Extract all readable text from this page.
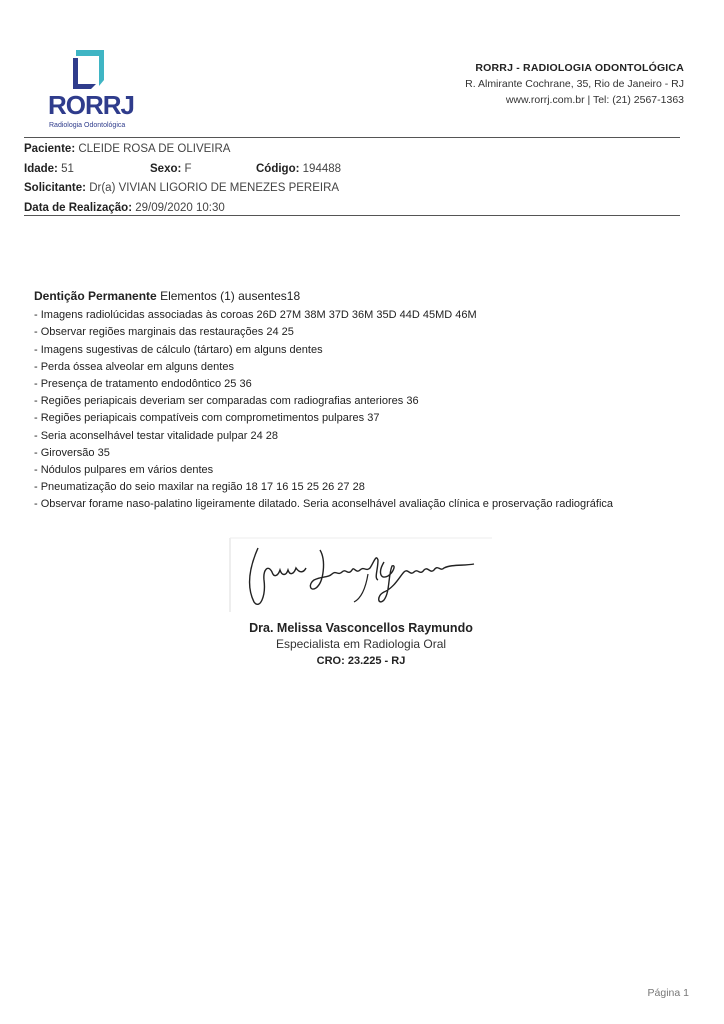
RORRJ
Radiologia Odontológica
RORRJ - RADIOLOGIA ODONTOLÓGICA
R. Almirante Cochrane, 35, Rio de Janeiro - RJ
www.rorrj.com.br | Tel: (21) 2567-1363
Paciente: CLEIDE ROSA DE OLIVEIRA
Idade: 51	Sexo: F	Código: 194488
Solicitante: Dr(a) VIVIAN LIGORIO DE MENEZES PEREIRA
Data de Realização: 29/09/2020 10:30
Dentição Permanente Elementos (1) ausentes18
- Imagens radiolúcidas associadas às coroas 26D 27M 38M 37D 36M 35D 44D 45MD 46M
- Observar regiões marginais das restaurações 24 25
- Imagens sugestivas de cálculo (tártaro) em alguns dentes
- Perda óssea alveolar em alguns dentes
- Presença de tratamento endodôntico 25 36
- Regiões periapicais deveriam ser comparadas com radiografias anteriores 36
- Regiões periapicais compatíveis com comprometimentos pulpares 37
- Seria aconselhável testar vitalidade pulpar 24 28
- Giroversão 35
- Nódulos pulpares em vários dentes
- Pneumatização do seio maxilar na região 18 17 16 15 25 26 27 28
- Observar forame naso-palatino ligeiramente dilatado. Seria aconselhável avaliação clínica e proservação radiográfica
Dra. Melissa Vasconcellos Raymundo
Especialista em Radiologia Oral
CRO: 23.225 - RJ
Página 1
